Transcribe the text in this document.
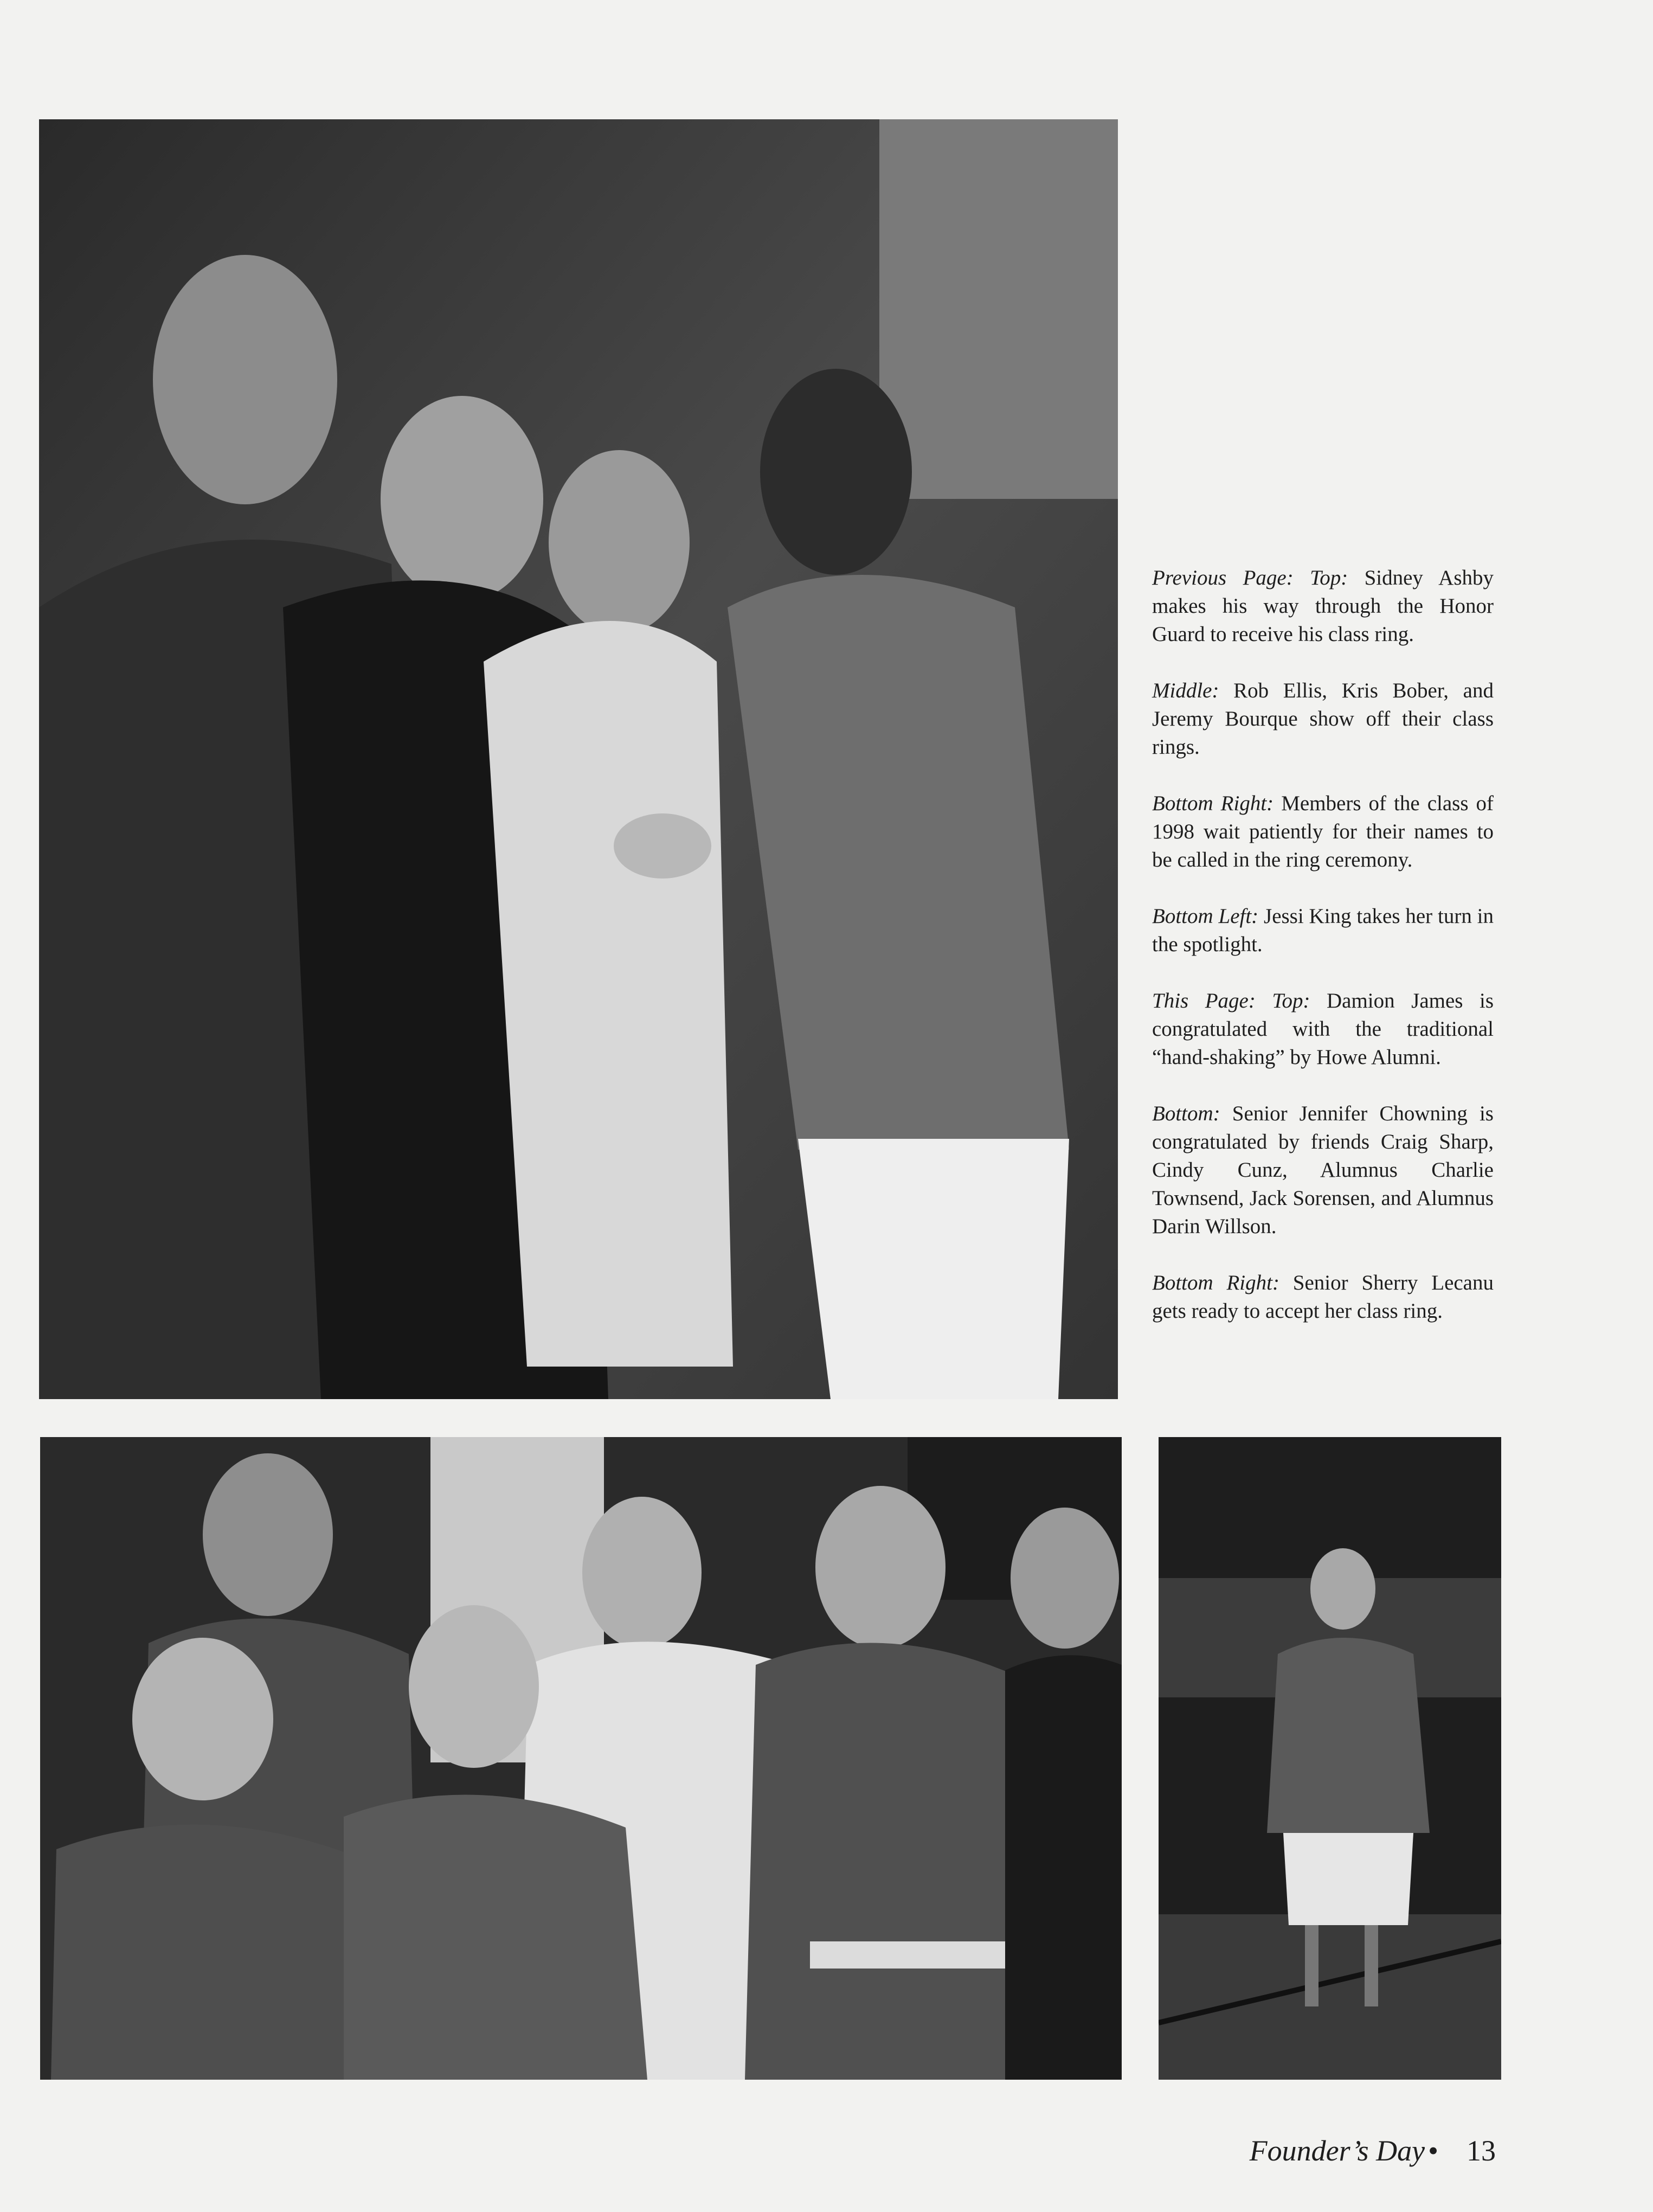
Previous Page: Top: Sidney Ashby makes his way through the Honor Guard to receive his class ring.

Middle: Rob Ellis, Kris Bober, and Jeremy Bourque show off their class rings.

Bottom Right: Members of the class of 1998 wait patiently for their names to be called in the ring ceremony.

Bottom Left: Jessi King takes her turn in the spotlight.

This Page: Top: Damion James is congratulated with the traditional “hand-shaking” by Howe Alumni.

Bottom: Senior Jennifer Chowning is congratulated by friends Craig Sharp, Cindy Cunz, Alumnus Charlie Townsend, Jack Sorensen, and Alumnus Darin Willson.

Bottom Right: Senior Sherry Lecanu gets ready to accept her class ring.

Founder’s Day • 13
